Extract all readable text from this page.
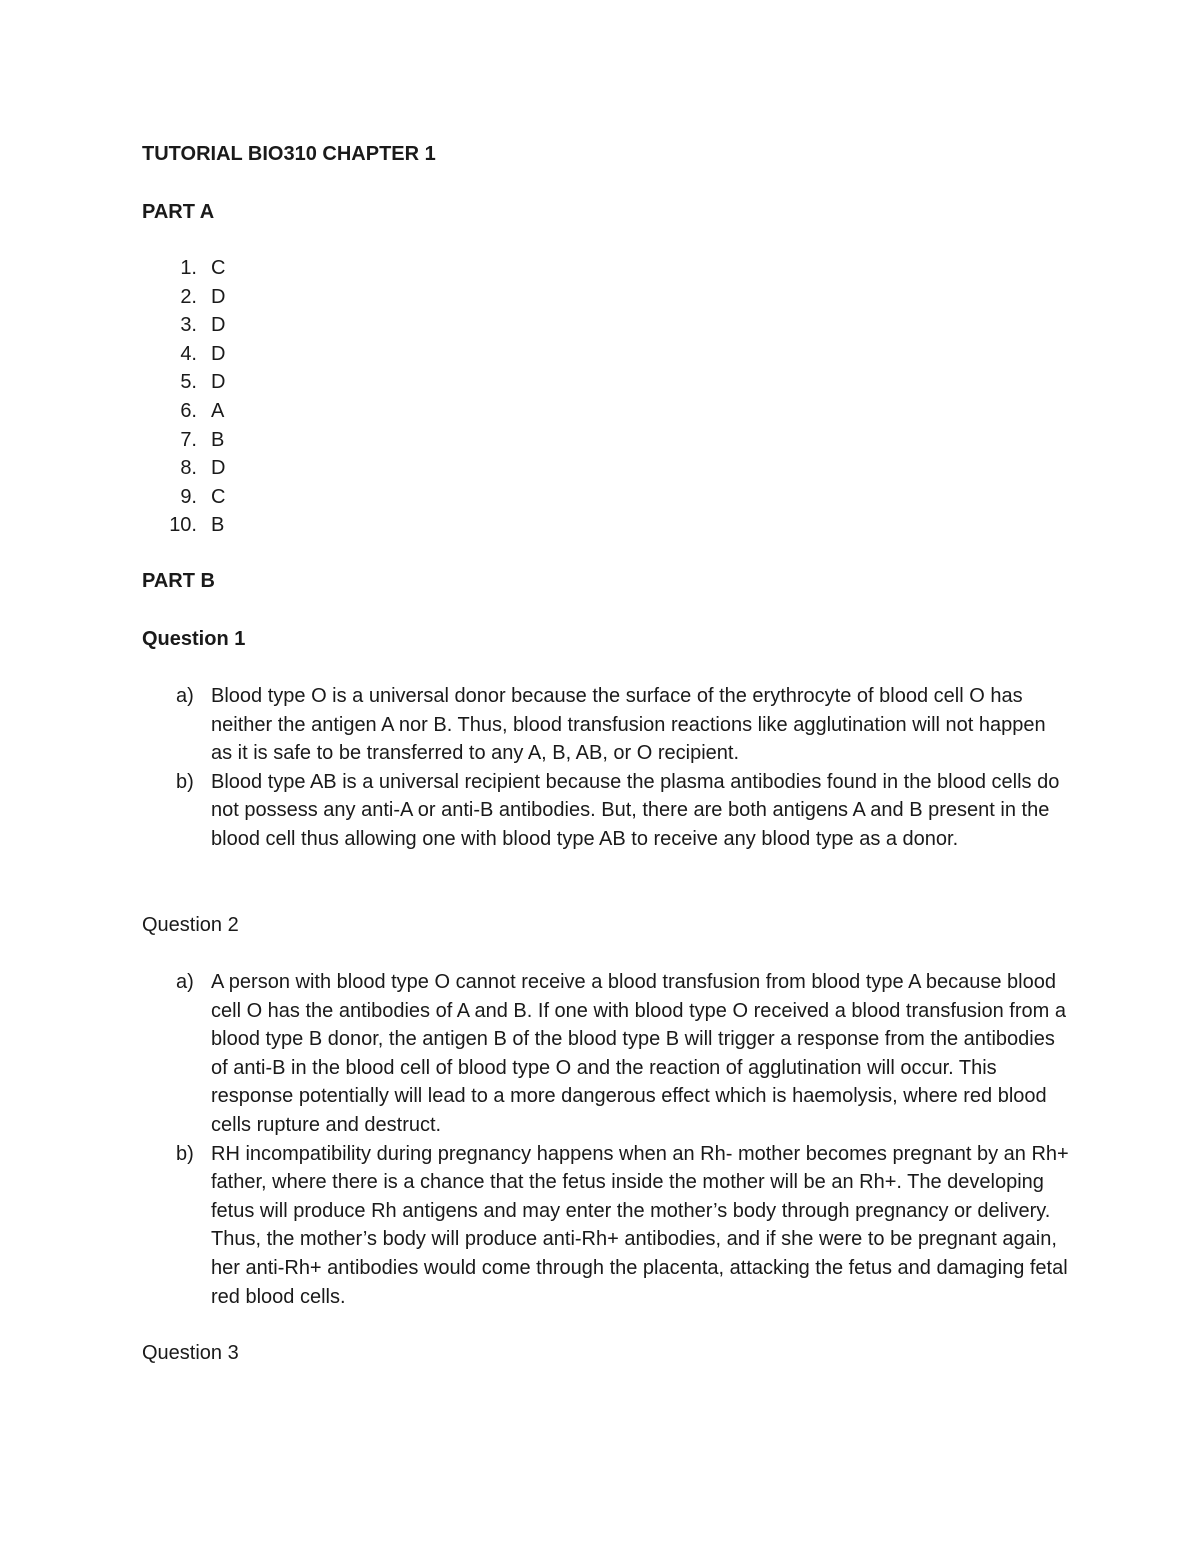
TUTORIAL BIO310 CHAPTER 1
PART A
1. C
2. D
3. D
4. D
5. D
6. A
7. B
8. D
9. C
10. B
PART B
Question 1
a) Blood type O is a universal donor because the surface of the erythrocyte of blood cell O has neither the antigen A nor B. Thus, blood transfusion reactions like agglutination will not happen as it is safe to be transferred to any A, B, AB, or O recipient.
b) Blood type AB is a universal recipient because the plasma antibodies found in the blood cells do not possess any anti-A or anti-B antibodies. But, there are both antigens A and B present in the blood cell thus allowing one with blood type AB to receive any blood type as a donor.
Question 2
a) A person with blood type O cannot receive a blood transfusion from blood type A because blood cell O has the antibodies of A and B. If one with blood type O received a blood transfusion from a blood type B donor, the antigen B of the blood type B will trigger a response from the antibodies of anti-B in the blood cell of blood type O and the reaction of agglutination will occur. This response potentially will lead to a more dangerous effect which is haemolysis, where red blood cells rupture and destruct.
b) RH incompatibility during pregnancy happens when an Rh- mother becomes pregnant by an Rh+ father, where there is a chance that the fetus inside the mother will be an Rh+. The developing fetus will produce Rh antigens and may enter the mother’s body through pregnancy or delivery. Thus, the mother’s body will produce anti-Rh+ antibodies, and if she were to be pregnant again, her anti-Rh+ antibodies would come through the placenta, attacking the fetus and damaging fetal red blood cells.
Question 3
